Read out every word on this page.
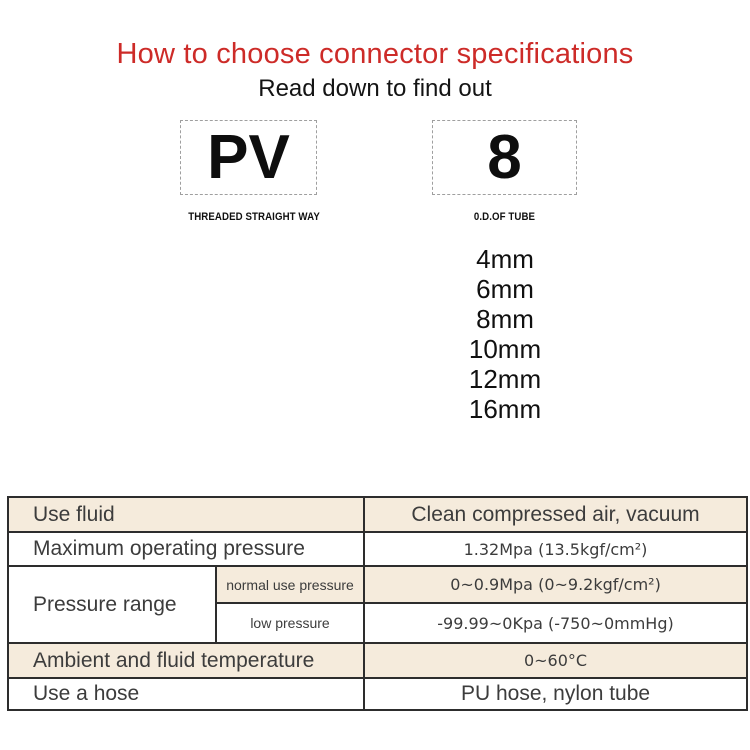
How to choose connector specifications
Read down to find out
PV	8
THREADED STRAIGHT WAY	0.D.OF TUBE
4mm
6mm
8mm
10mm
12mm
16mm
Use fluid		Clean compressed air, vacuum
Maximum operating pressure		1.32Mpa (13.5kgf/cm²)
Pressure range	normal use pressure	0~0.9Mpa (0~9.2kgf/cm²)
	low pressure	-99.99~0Kpa (-750~0mmHg)
Ambient and fluid temperature		0~60°C
Use a hose		PU hose, nylon tube
